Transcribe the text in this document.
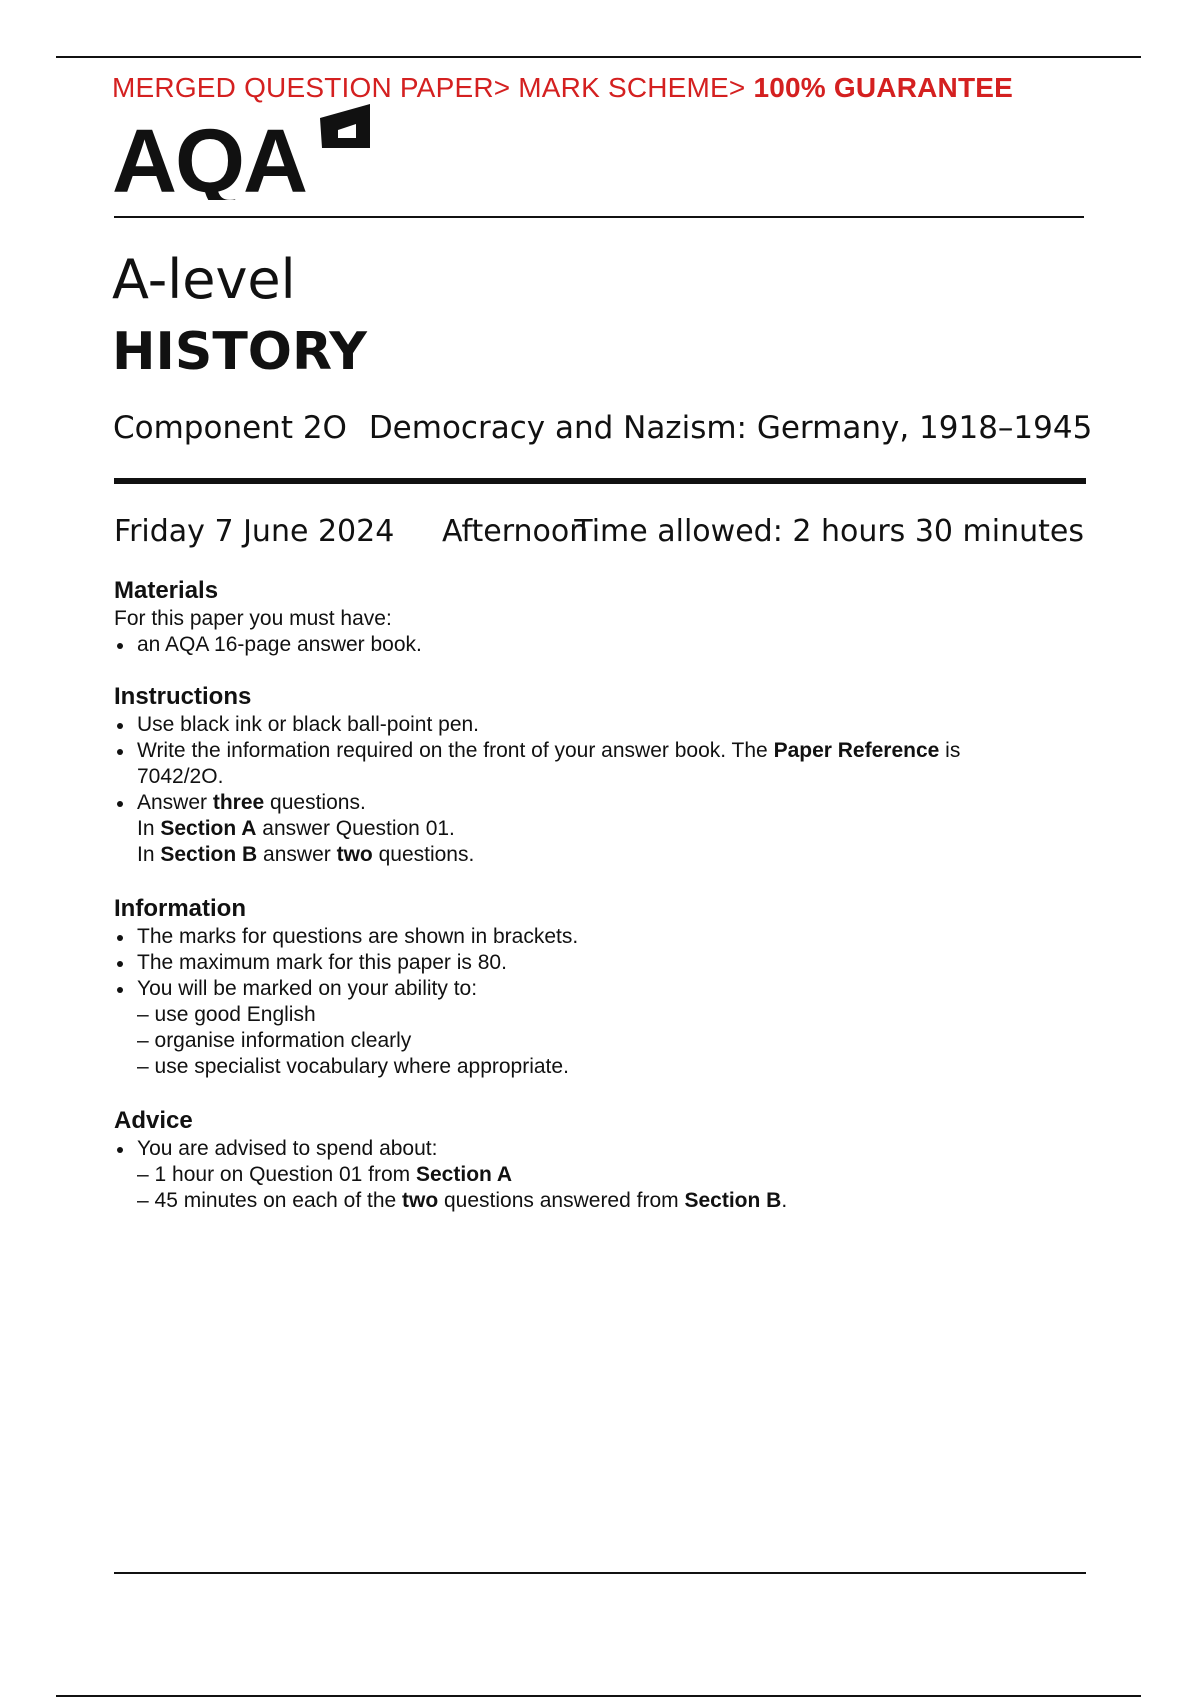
MERGED QUESTION PAPER> MARK SCHEME> 100% GUARANTEE
AQA
A-level
HISTORY
Component 2O Democracy and Nazism: Germany, 1918–1945
Friday 7 June 2024 Afternoon
Time allowed: 2 hours 30 minutes
Materials
For this paper you must have:
an AQA 16-page answer book.
Instructions
Use black ink or black ball-point pen.
Write the information required on the front of your answer book. The Paper Reference is
7042/2O.
Answer three questions.
In Section A answer Question 01.
In Section B answer two questions.
Information
The marks for questions are shown in brackets.
The maximum mark for this paper is 80.
You will be marked on your ability to:
– use good English
– organise information clearly
– use specialist vocabulary where appropriate.
Advice
You are advised to spend about:
– 1 hour on Question 01 from Section A
– 45 minutes on each of the two questions answered from Section B.
